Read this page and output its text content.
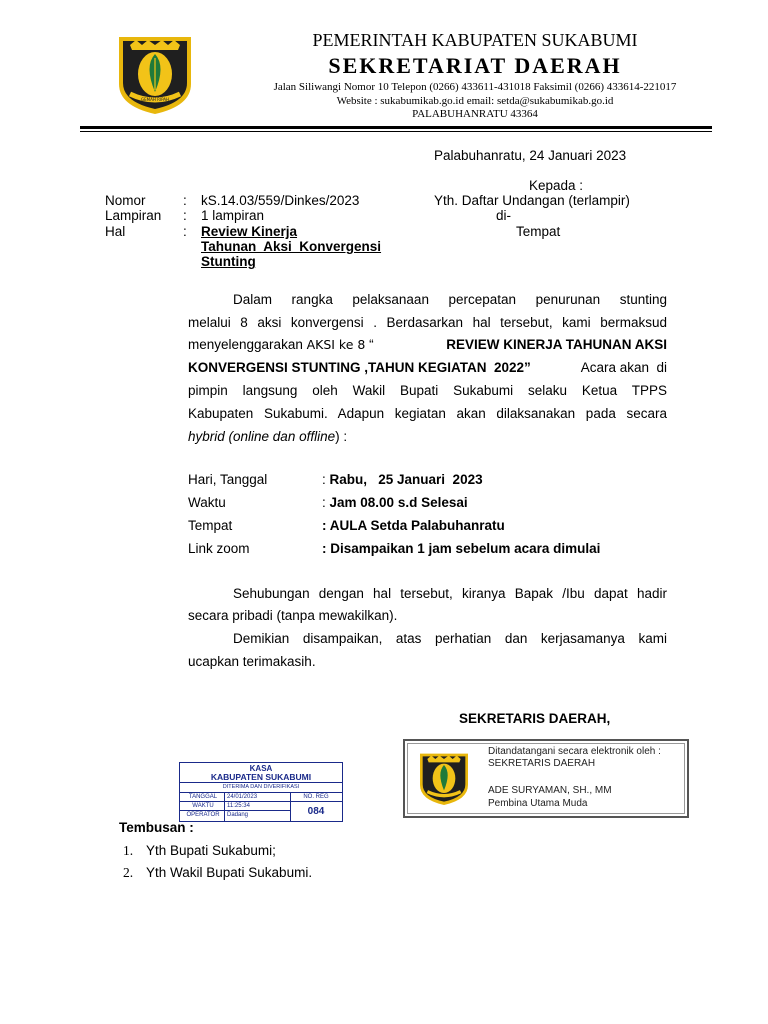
GEMAH RIPAH
PEMERINTAH KABUPATEN SUKABUMI
SEKRETARIAT DAERAH
Jalan Siliwangi Nomor 10 Telepon (0266) 433611-431018 Faksimil (0266) 433614-221017
Website : sukabumikab.go.id email: setda@sukabumikab.go.id
PALABUHANRATU 43364
Palabuhanratu, 24 Januari 2023
Kepada :
Yth. Daftar Undangan (terlampir)
di-
Tempat
Nomor	: kS.14.03/559/Dinkes/2023
Lampiran : 1 lampiran
Hal	: Review Kinerja
Tahunan  Aksi  Konvergensi
Stunting
Dalam rangka pelaksanaan percepatan penurunan stunting
melalui 8 aksi konvergensi . Berdasarkan hal tersebut, kami bermaksud
menyelenggarakan AKSI ke 8 “	REVIEW KINERJA TAHUNAN AKSI
KONVERGENSI STUNTING ,TAHUN KEGIATAN  2022”	Acara akan  di
pimpin langsung oleh Wakil Bupati Sukabumi selaku Ketua TPPS
Kabupaten Sukabumi. Adapun kegiatan akan dilaksanakan pada secara
hybrid (online dan offline) :
Hari, Tanggal	: Rabu,   25 Januari  2023
Waktu	: Jam 08.00 s.d Selesai
Tempat	: AULA Setda Palabuhanratu
Link zoom	: Disampaikan 1 jam sebelum acara dimulai
Sehubungan dengan hal tersebut, kiranya Bapak /Ibu dapat hadir
secara pribadi (tanpa mewakilkan).
Demikian disampaikan, atas perhatian dan kerjasamanya kami
ucapkan terimakasih.
SEKRETARIS DAERAH,
Ditandatangani secara elektronik oleh :
SEKRETARIS DAERAH
ADE SURYAMAN, SH., MM
Pembina Utama Muda
KASA
KABUPATEN SUKABUMI
DITERIMA DAN DIVERIFIKASI
TANGGAL	24/01/2023
WAKTU	11:25:34
OPERATOR	Dadang
NO. REG
084
Tembusan :
1. Yth Bupati Sukabumi;
2. Yth Wakil Bupati Sukabumi.
